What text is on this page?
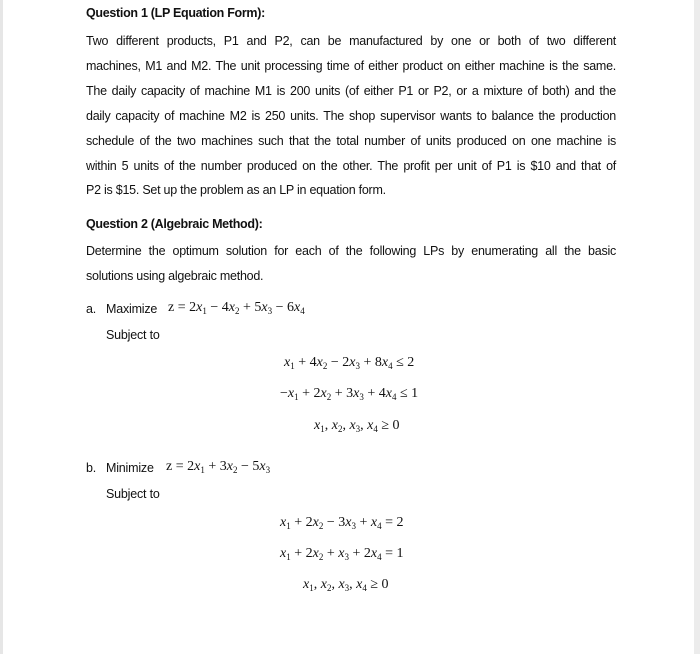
Question 1 (LP Equation Form):
Two different products, P1 and P2, can be manufactured by one or both of two different
machines, M1 and M2. The unit processing time of either product on either machine is the same.
The daily capacity of machine M1 is 200 units (of either P1 or P2, or a mixture of both) and the
daily capacity of machine M2 is 250 units. The shop supervisor wants to balance the production
schedule of the two machines such that the total number of units produced on one machine is
within 5 units of the number produced on the other. The profit per unit of P1 is $10 and that of
P2 is $15. Set up the problem as an LP in equation form.
Question 2 (Algebraic Method):
Determine the optimum solution for each of the following LPs by enumerating all the basic
solutions using algebraic method.
a. Maximize $z = 2x_1 - 4x_2 + 5x_3 - 6x_4$
Subject to
$x_1 + 4x_2 - 2x_3 + 8x_4 \le 2$
$-x_1 + 2x_2 + 3x_3 + 4x_4 \le 1$
$x_1$, $x_2$, $x_3$, $x_4 \ge 0$
b. Minimize $z = 2x_1 + 3x_2 - 5x_3$
Subject to
$x_1 + 2x_2 - 3x_3 + x_4 = 2$
$x_1 + 2x_2 + x_3 + 2x_4 = 1$
$x_1$, $x_2$, $x_3$, $x_4 \ge 0$
